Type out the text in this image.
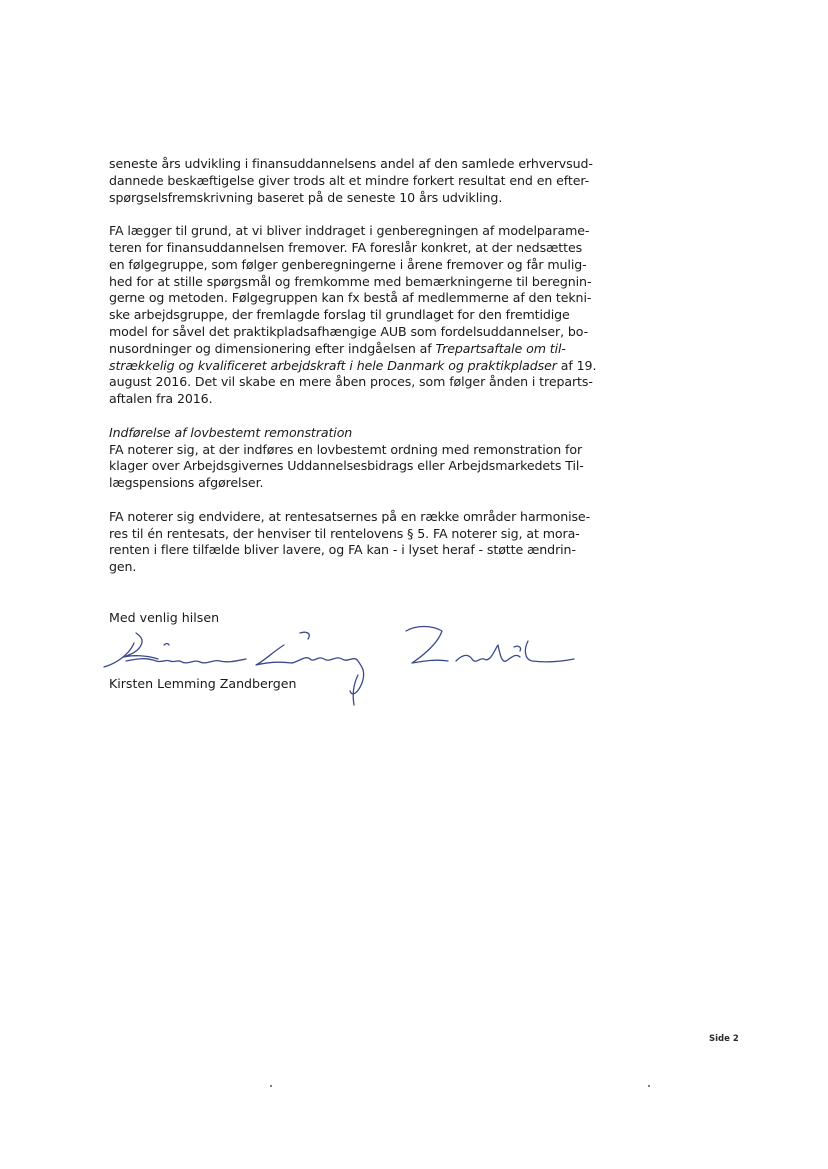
seneste års udvikling i finansuddannelsens andel af den samlede erhvervsud-
dannede beskæftigelse giver trods alt et mindre forkert resultat end en efter-
spørgselsfremskrivning baseret på de seneste 10 års udvikling.

FA lægger til grund, at vi bliver inddraget i genberegningen af modelparame-
teren for finansuddannelsen fremover. FA foreslår konkret, at der nedsættes
en følgegruppe, som følger genberegningerne i årene fremover og får mulig-
hed for at stille spørgsmål og fremkomme med bemærkningerne til beregnin-
gerne og metoden. Følgegruppen kan fx bestå af medlemmerne af den tekni-
ske arbejdsgruppe, der fremlagde forslag til grundlaget for den fremtidige
model for såvel det praktikpladsafhængige AUB som fordelsuddannelser, bo-
nusordninger og dimensionering efter indgåelsen af Trepartsaftale om til-
strækkelig og kvalificeret arbejdskraft i hele Danmark og praktikpladser af 19.
august 2016. Det vil skabe en mere åben proces, som følger ånden i treparts-
aftalen fra 2016.

Indførelse af lovbestemt remonstration
FA noterer sig, at der indføres en lovbestemt ordning med remonstration for
klager over Arbejdsgivernes Uddannelsesbidrags eller Arbejdsmarkedets Til-
lægspensions afgørelser.

FA noterer sig endvidere, at rentesatsernes på en række områder harmonise-
res til én rentesats, der henviser til rentelovens § 5. FA noterer sig, at mora-
renten i flere tilfælde bliver lavere, og FA kan - i lyset heraf - støtte ændrin-
gen.

Med venlig hilsen
Kirsten Lemming Zandbergen
Side 2
